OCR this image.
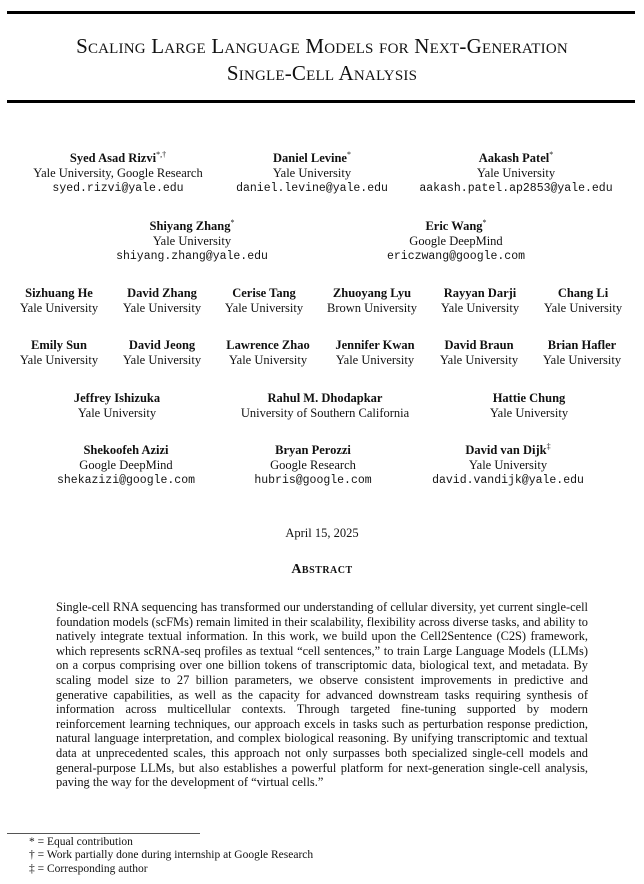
Scaling Large Language Models for Next-Generation
Single-Cell Analysis
Syed Asad Rizvi*,†
Yale University, Google Research
syed.rizvi@yale.edu
Daniel Levine*
Yale University
daniel.levine@yale.edu
Aakash Patel*
Yale University
aakash.patel.ap2853@yale.edu
Shiyang Zhang*
Yale University
shiyang.zhang@yale.edu
Eric Wang*
Google DeepMind
ericzwang@google.com
Sizhuang He
Yale University
David Zhang
Yale University
Cerise Tang
Yale University
Zhuoyang Lyu
Brown University
Rayyan Darji
Yale University
Chang Li
Yale University
Emily Sun
Yale University
David Jeong
Yale University
Lawrence Zhao
Yale University
Jennifer Kwan
Yale University
David Braun
Yale University
Brian Hafler
Yale University
Jeffrey Ishizuka
Yale University
Rahul M. Dhodapkar
University of Southern California
Hattie Chung
Yale University
Shekoofeh Azizi
Google DeepMind
shekazizi@google.com
Bryan Perozzi
Google Research
hubris@google.com
David van Dijk‡
Yale University
david.vandijk@yale.edu
April 15, 2025
Abstract
Single-cell RNA sequencing has transformed our understanding of cellular diversity, yet current single-cell foundation models (scFMs) remain limited in their scalability, flexibility across diverse tasks, and ability to natively integrate textual information. In this work, we build upon the Cell2Sentence (C2S) framework, which represents scRNA-seq profiles as textual “cell sentences,” to train Large Language Models (LLMs) on a corpus comprising over one billion tokens of transcriptomic data, biological text, and metadata. By scaling model size to 27 billion parameters, we observe consistent improvements in predictive and generative capabilities, as well as the capacity for advanced downstream tasks requiring synthesis of information across multicellular contexts. Through targeted fine-tuning supported by modern reinforcement learning techniques, our approach excels in tasks such as perturbation response prediction, natural language interpretation, and complex biological reasoning. By unifying transcriptomic and textual data at unprecedented scales, this approach not only surpasses both specialized single-cell models and general-purpose LLMs, but also establishes a powerful platform for next-generation single-cell analysis, paving the way for the development of “virtual cells.”
* = Equal contribution
† = Work partially done during internship at Google Research
‡ = Corresponding author
